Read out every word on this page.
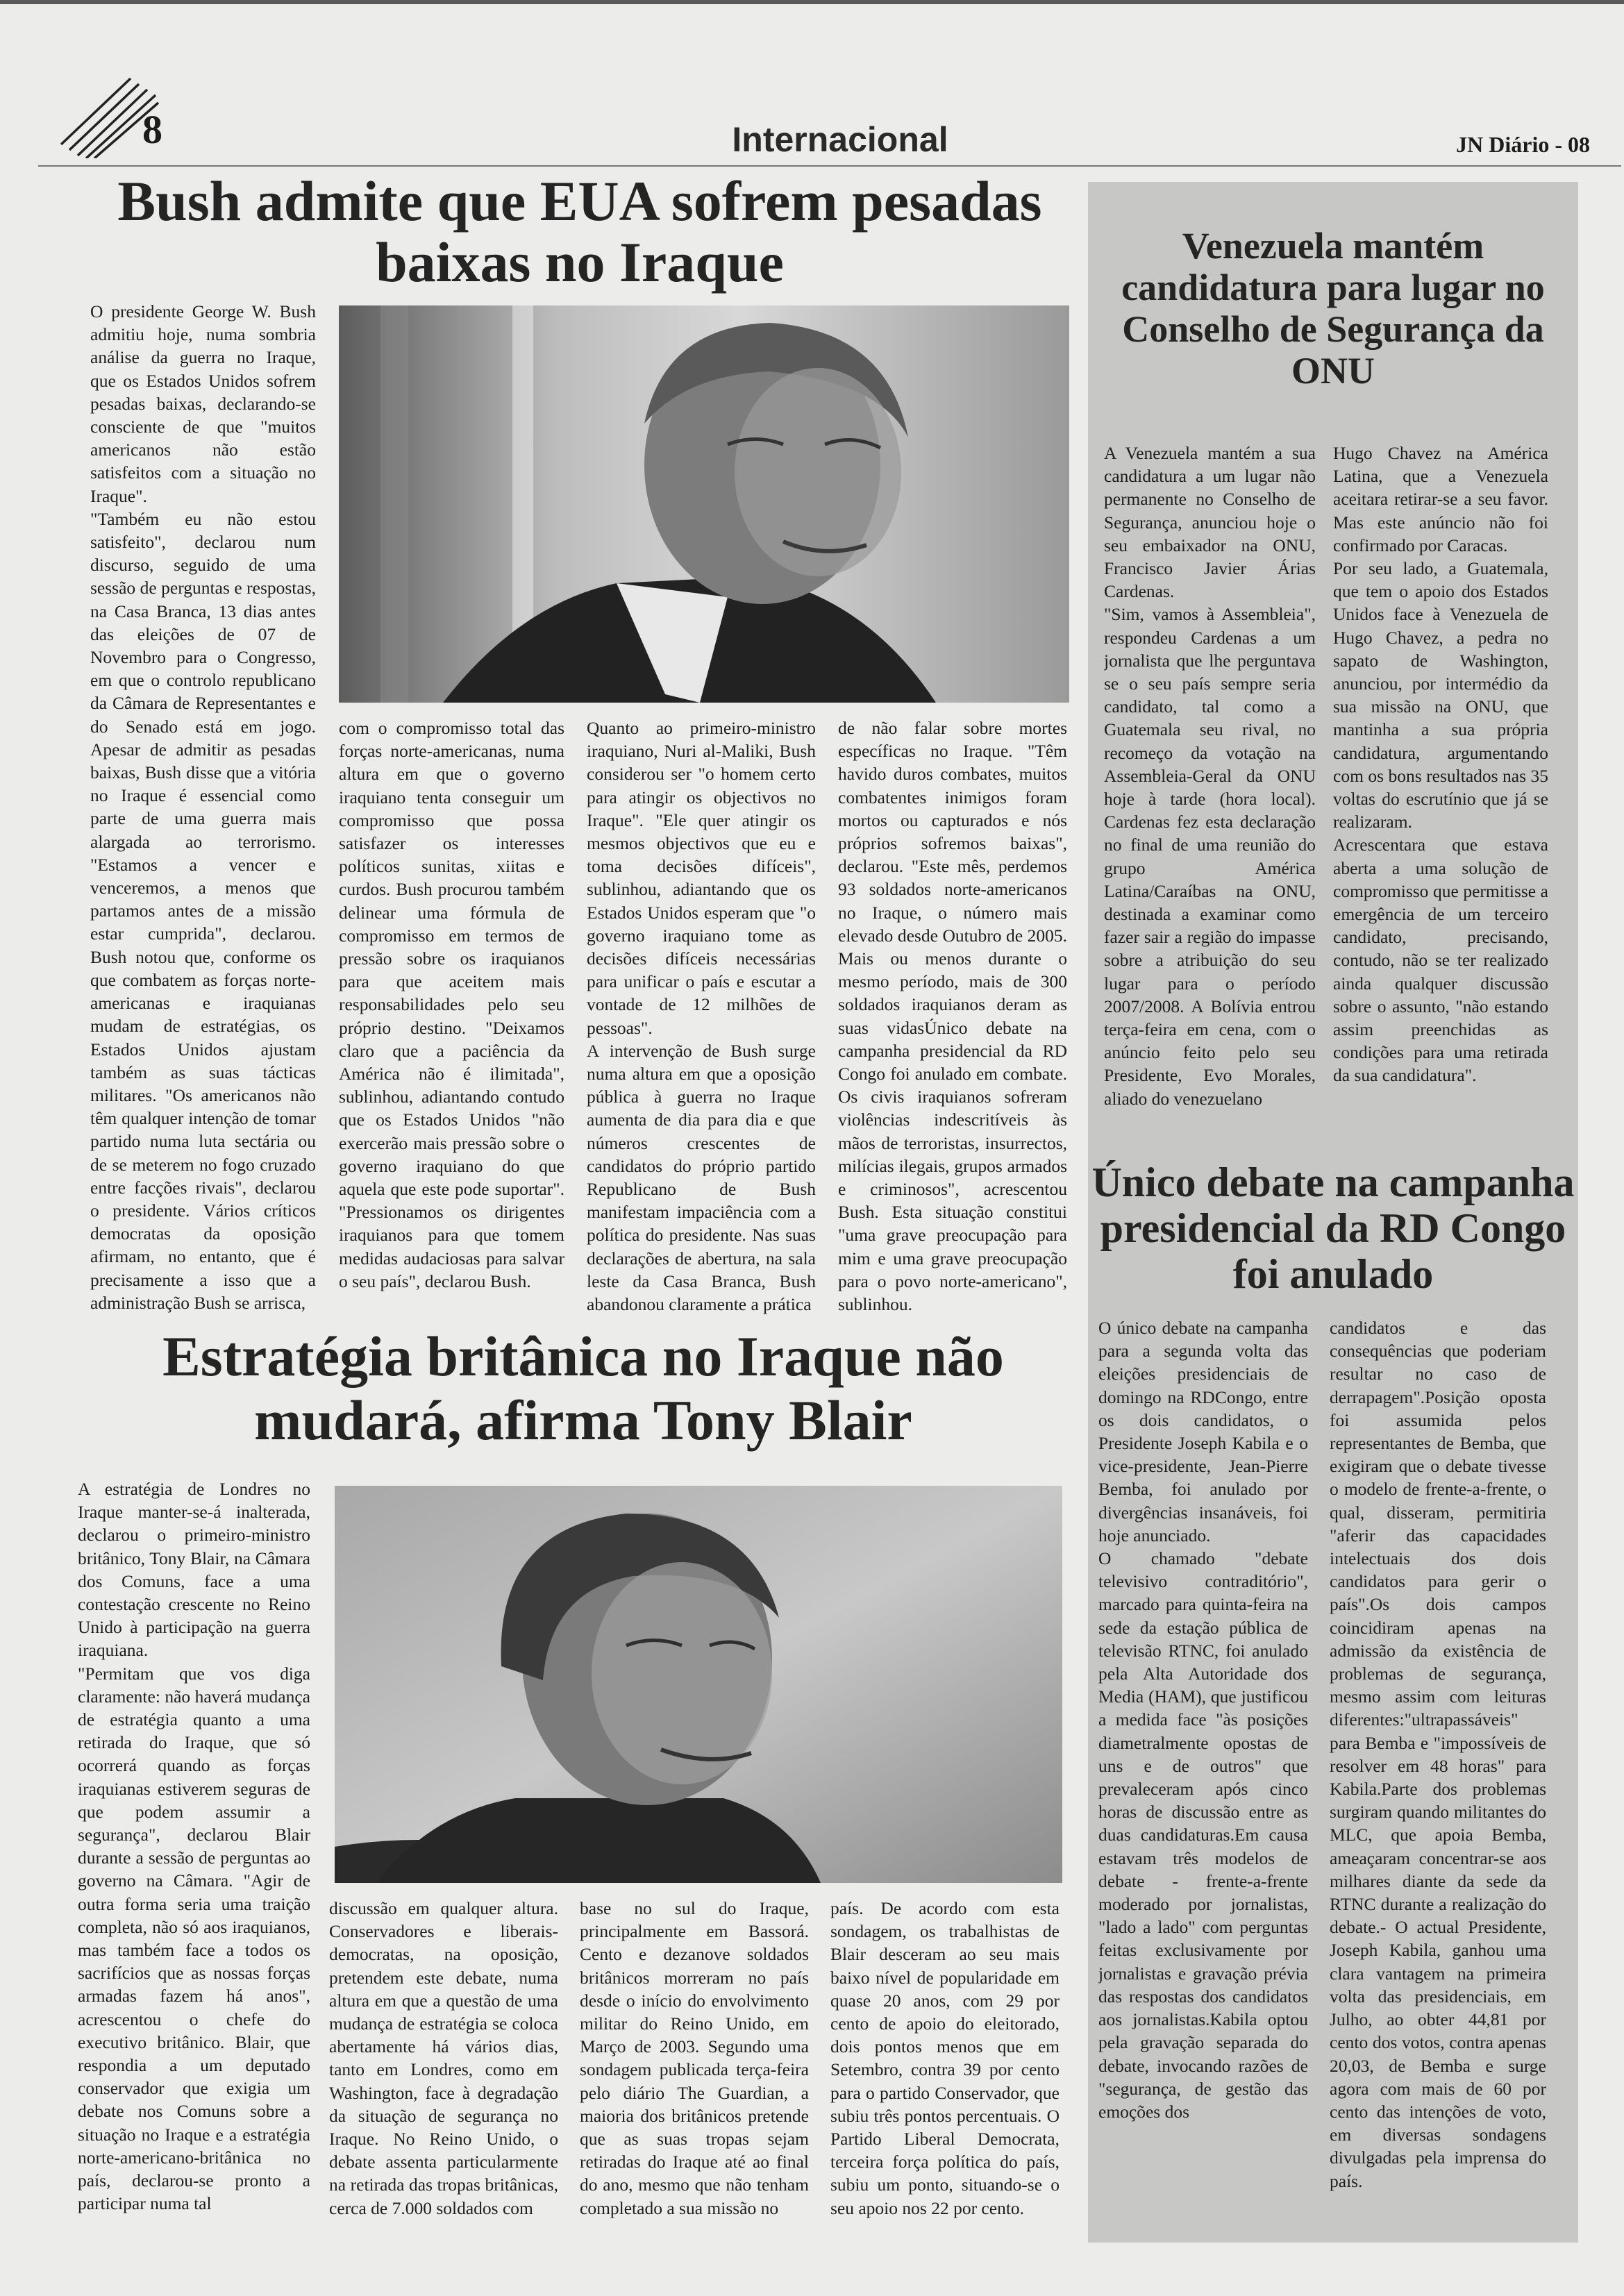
8	Internacional	JN Diário - 08
Bush admite que EUA sofrem pesadas baixas no Iraque

O presidente George W. Bush admitiu hoje, numa sombria análise da guerra no Iraque, que os Estados Unidos sofrem pesadas baixas, declarando-se consciente de que "muitos americanos não estão satisfeitos com a situação no Iraque".

"Também eu não estou satisfeito", declarou num discurso, seguido de uma sessão de perguntas e respostas, na Casa Branca, 13 dias antes das eleições de 07 de Novembro para o Congresso, em que o controlo republicano da Câmara de Representantes e do Senado está em jogo. Apesar de admitir as pesadas baixas, Bush disse que a vitória no Iraque é essencial como parte de uma guerra mais alargada ao terrorismo. "Estamos a vencer e venceremos, a menos que partamos antes de a missão estar cumprida", declarou. Bush notou que, conforme os que combatem as forças norte-americanas e iraquianas mudam de estratégias, os Estados Unidos ajustam também as suas tácticas militares. "Os americanos não têm qualquer intenção de tomar partido numa luta sectária ou de se meterem no fogo cruzado entre facções rivais", declarou o presidente. Vários críticos democratas da oposição afirmam, no entanto, que é precisamente a isso que a administração Bush se arrisca,

com o compromisso total das forças norte-americanas, numa altura em que o governo iraquiano tenta conseguir um compromisso que possa satisfazer os interesses políticos sunitas, xiitas e curdos. Bush procurou também delinear uma fórmula de compromisso em termos de pressão sobre os iraquianos para que aceitem mais responsabilidades pelo seu próprio destino. "Deixamos claro que a paciência da América não é ilimitada", sublinhou, adiantando contudo que os Estados Unidos "não exercerão mais pressão sobre o governo iraquiano do que aquela que este pode suportar". "Pressionamos os dirigentes iraquianos para que tomem medidas audaciosas para salvar o seu país", declarou Bush.

Quanto ao primeiro-ministro iraquiano, Nuri al-Maliki, Bush considerou ser "o homem certo para atingir os objectivos no Iraque". "Ele quer atingir os mesmos objectivos que eu e toma decisões difíceis", sublinhou, adiantando que os Estados Unidos esperam que "o governo iraquiano tome as decisões difíceis necessárias para unificar o país e escutar a vontade de 12 milhões de pessoas".

A intervenção de Bush surge numa altura em que a oposição pública à guerra no Iraque aumenta de dia para dia e que números crescentes de candidatos do próprio partido Republicano de Bush manifestam impaciência com a política do presidente. Nas suas declarações de abertura, na sala leste da Casa Branca, Bush abandonou claramente a prática

de não falar sobre mortes específicas no Iraque. "Têm havido duros combates, muitos combatentes inimigos foram mortos ou capturados e nós próprios sofremos baixas", declarou. "Este mês, perdemos 93 soldados norte-americanos no Iraque, o número mais elevado desde Outubro de 2005. Mais ou menos durante o mesmo período, mais de 300 soldados iraquianos deram as suas vidasÚnico debate na campanha presidencial da RD Congo foi anulado em combate. Os civis iraquianos sofreram violências indescritíveis às mãos de terroristas, insurrectos, milícias ilegais, grupos armados e criminosos", acrescentou Bush. Esta situação constitui "uma grave preocupação para mim e uma grave preocupação para o povo norte-americano", sublinhou.

Estratégia britânica no Iraque não mudará, afirma Tony Blair

A estratégia de Londres no Iraque manter-se-á inalterada, declarou o primeiro-ministro britânico, Tony Blair, na Câmara dos Comuns, face a uma contestação crescente no Reino Unido à participação na guerra iraquiana.

"Permitam que vos diga claramente: não haverá mudança de estratégia quanto a uma retirada do Iraque, que só ocorrerá quando as forças iraquianas estiverem seguras de que podem assumir a segurança", declarou Blair durante a sessão de perguntas ao governo na Câmara. "Agir de outra forma seria uma traição completa, não só aos iraquianos, mas também face a todos os sacrifícios que as nossas forças armadas fazem há anos", acrescentou o chefe do executivo britânico. Blair, que respondia a um deputado conservador que exigia um debate nos Comuns sobre a situação no Iraque e a estratégia norte-americano-britânica no país, declarou-se pronto a participar numa tal

discussão em qualquer altura. Conservadores e liberais-democratas, na oposição, pretendem este debate, numa altura em que a questão de uma mudança de estratégia se coloca abertamente há vários dias, tanto em Londres, como em Washington, face à degradação da situação de segurança no Iraque. No Reino Unido, o debate assenta particularmente na retirada das tropas britânicas, cerca de 7.000 soldados com

base no sul do Iraque, principalmente em Bassorá. Cento e dezanove soldados britânicos morreram no país desde o início do envolvimento militar do Reino Unido, em Março de 2003. Segundo uma sondagem publicada terça-feira pelo diário The Guardian, a maioria dos britânicos pretende que as suas tropas sejam retiradas do Iraque até ao final do ano, mesmo que não tenham completado a sua missão no

país. De acordo com esta sondagem, os trabalhistas de Blair desceram ao seu mais baixo nível de popularidade em quase 20 anos, com 29 por cento de apoio do eleitorado, dois pontos menos que em Setembro, contra 39 por cento para o partido Conservador, que subiu três pontos percentuais. O Partido Liberal Democrata, terceira força política do país, subiu um ponto, situando-se o seu apoio nos 22 por cento.

Venezuela mantém candidatura para lugar no Conselho de Segurança da ONU

A Venezuela mantém a sua candidatura a um lugar não permanente no Conselho de Segurança, anunciou hoje o seu embaixador na ONU, Francisco Javier Árias Cardenas.

"Sim, vamos à Assembleia", respondeu Cardenas a um jornalista que lhe perguntava se o seu país sempre seria candidato, tal como a Guatemala seu rival, no recomeço da votação na Assembleia-Geral da ONU hoje à tarde (hora local). Cardenas fez esta declaração no final de uma reunião do grupo América Latina/Caraíbas na ONU, destinada a examinar como fazer sair a região do impasse sobre a atribuição do seu lugar para o período 2007/2008. A Bolívia entrou terça-feira em cena, com o anúncio feito pelo seu Presidente, Evo Morales, aliado do venezuelano

Hugo Chavez na América Latina, que a Venezuela aceitara retirar-se a seu favor. Mas este anúncio não foi confirmado por Caracas.

Por seu lado, a Guatemala, que tem o apoio dos Estados Unidos face à Venezuela de Hugo Chavez, a pedra no sapato de Washington, anunciou, por intermédio da sua missão na ONU, que mantinha a sua própria candidatura, argumentando com os bons resultados nas 35 voltas do escrutínio que já se realizaram.

Acrescentara que estava aberta a uma solução de compromisso que permitisse a emergência de um terceiro candidato, precisando, contudo, não se ter realizado ainda qualquer discussão sobre o assunto, "não estando assim preenchidas as condições para uma retirada da sua candidatura".

Único debate na campanha presidencial da RD Congo foi anulado

O único debate na campanha para a segunda volta das eleições presidenciais de domingo na RDCongo, entre os dois candidatos, o Presidente Joseph Kabila e o vice-presidente, Jean-Pierre Bemba, foi anulado por divergências insanáveis, foi hoje anunciado.

O chamado "debate televisivo contraditório", marcado para quinta-feira na sede da estação pública de televisão RTNC, foi anulado pela Alta Autoridade dos Media (HAM), que justificou a medida face "às posições diametralmente opostas de uns e de outros" que prevaleceram após cinco horas de discussão entre as duas candidaturas.Em causa estavam três modelos de debate - frente-a-frente moderado por jornalistas, "lado a lado" com perguntas feitas exclusivamente por jornalistas e gravação prévia das respostas dos candidatos aos jornalistas.Kabila optou pela gravação separada do debate, invocando razões de "segurança, de gestão das emoções dos

candidatos e das consequências que poderiam resultar no caso de derrapagem".Posição oposta foi assumida pelos representantes de Bemba, que exigiram que o debate tivesse o modelo de frente-a-frente, o qual, disseram, permitiria "aferir das capacidades intelectuais dos dois candidatos para gerir o país".Os dois campos coincidiram apenas na admissão da existência de problemas de segurança, mesmo assim com leituras diferentes:"ultrapassáveis" para Bemba e "impossíveis de resolver em 48 horas" para Kabila.Parte dos problemas surgiram quando militantes do MLC, que apoia Bemba, ameaçaram concentrar-se aos milhares diante da sede da RTNC durante a realização do debate.- O actual Presidente, Joseph Kabila, ganhou uma clara vantagem na primeira volta das presidenciais, em Julho, ao obter 44,81 por cento dos votos, contra apenas 20,03, de Bemba e surge agora com mais de 60 por cento das intenções de voto, em diversas sondagens divulgadas pela imprensa do país.
